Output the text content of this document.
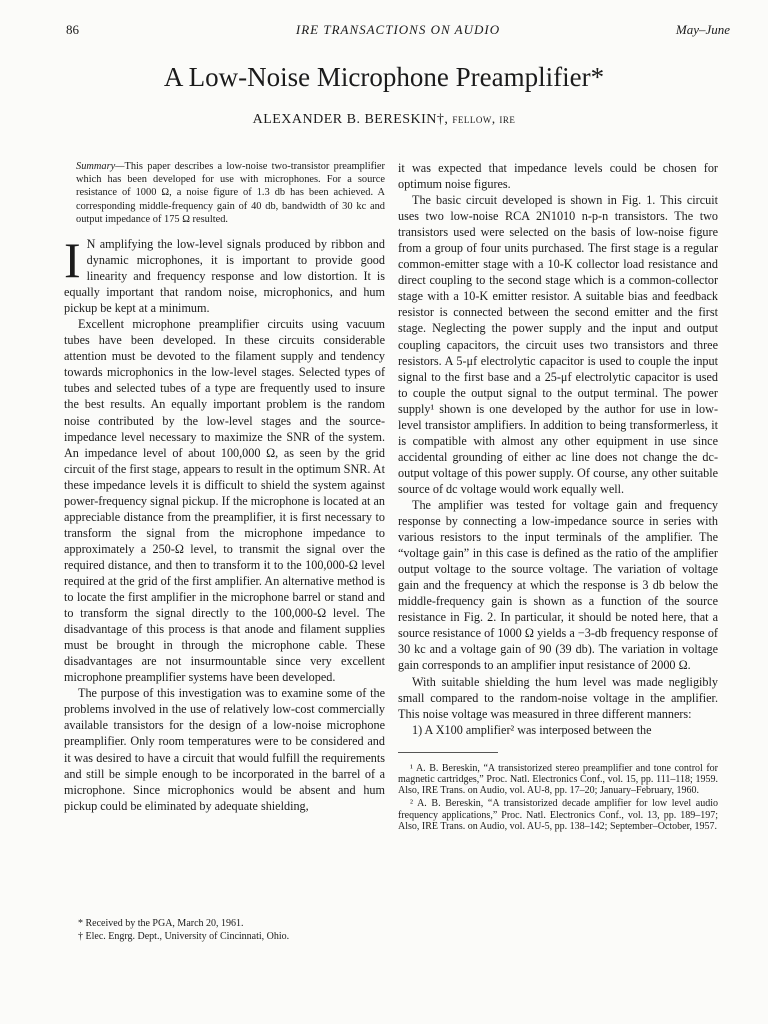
IRE TRANSACTIONS ON AUDIO
86	May–June
A Low-Noise Microphone Preamplifier*
ALEXANDER B. BERESKIN†, fellow, ire

Summary—This paper describes a low-noise two-transistor preamplifier which has been developed for use with microphones. For a source resistance of 1000 Ω, a noise figure of 1.3 db has been achieved. A corresponding middle-frequency gain of 40 db, bandwidth of 30 kc and output impedance of 175 Ω resulted.

I N amplifying the low-level signals produced by ribbon and dynamic microphones, it is important to provide good linearity and frequency response and low distortion. It is equally important that random noise, microphonics, and hum pickup be kept at a minimum.

Excellent microphone preamplifier circuits using vacuum tubes have been developed. In these circuits considerable attention must be devoted to the filament supply and tendency towards microphonics in the low-level stages. Selected types of tubes and selected tubes of a type are frequently used to insure the best results. An equally important problem is the random noise contributed by the low-level stages and the source-impedance level necessary to maximize the SNR of the system. An impedance level of about 100,000 Ω, as seen by the grid circuit of the first stage, appears to result in the optimum SNR. At these impedance levels it is difficult to shield the system against power-frequency signal pickup. If the microphone is located at an appreciable distance from the preamplifier, it is first necessary to transform the signal from the microphone impedance to approximately a 250-Ω level, to transmit the signal over the required distance, and then to transform it to the 100,000-Ω level required at the grid of the first amplifier. An alternative method is to locate the first amplifier in the microphone barrel or stand and to transform the signal directly to the 100,000-Ω level. The disadvantage of this process is that anode and filament supplies must be brought in through the microphone cable. These disadvantages are not insurmountable since very excellent microphone preamplifier systems have been developed.

The purpose of this investigation was to examine some of the problems involved in the use of relatively low-cost commercially available transistors for the design of a low-noise microphone preamplifier. Only room temperatures were to be considered and it was desired to have a circuit that would fulfill the requirements and still be simple enough to be incorporated in the barrel of a microphone. Since microphonics would be absent and hum pickup could be eliminated by adequate shielding,

* Received by the PGA, March 20, 1961.

† Elec. Engrg. Dept., University of Cincinnati, Ohio.

it was expected that impedance levels could be chosen for optimum noise figures.

The basic circuit developed is shown in Fig. 1. This circuit uses two low-noise RCA 2N1010 n-p-n transistors. The two transistors used were selected on the basis of low-noise figure from a group of four units purchased. The first stage is a regular common-emitter stage with a 10-K collector load resistance and direct coupling to the second stage which is a common-collector stage with a 10-K emitter resistor. A suitable bias and feedback resistor is connected between the second emitter and the first stage. Neglecting the power supply and the input and output coupling capacitors, the circuit uses two transistors and three resistors. A 5-μf electrolytic capacitor is used to couple the input signal to the first base and a 25-μf electrolytic capacitor is used to couple the output signal to the output terminal. The power supply¹ shown is one developed by the author for use in low-level transistor amplifiers. In addition to being transformerless, it is compatible with almost any other equipment in use since accidental grounding of either ac line does not change the dc-output voltage of this power supply. Of course, any other suitable source of dc voltage would work equally well.

The amplifier was tested for voltage gain and frequency response by connecting a low-impedance source in series with various resistors to the input terminals of the amplifier. The “voltage gain” in this case is defined as the ratio of the amplifier output voltage to the source voltage. The variation of voltage gain and the frequency at which the response is 3 db below the middle-frequency gain is shown as a function of the source resistance in Fig. 2. In particular, it should be noted here, that a source resistance of 1000 Ω yields a −3-db frequency response of 30 kc and a voltage gain of 90 (39 db). The variation in voltage gain corresponds to an amplifier input resistance of 2000 Ω.

With suitable shielding the hum level was made negligibly small compared to the random-noise voltage in the amplifier. This noise voltage was measured in three different manners:

1) A X100 amplifier² was interposed between the

¹ A. B. Bereskin, “A transistorized stereo preamplifier and tone control for magnetic cartridges,” Proc. Natl. Electronics Conf., vol. 15, pp. 111–118; 1959. Also, IRE Trans. on Audio, vol. AU-8, pp. 17–20; January–February, 1960.

² A. B. Bereskin, “A transistorized decade amplifier for low level audio frequency applications,” Proc. Natl. Electronics Conf., vol. 13, pp. 189–197; Also, IRE Trans. on Audio, vol. AU-5, pp. 138–142; September–October, 1957.
